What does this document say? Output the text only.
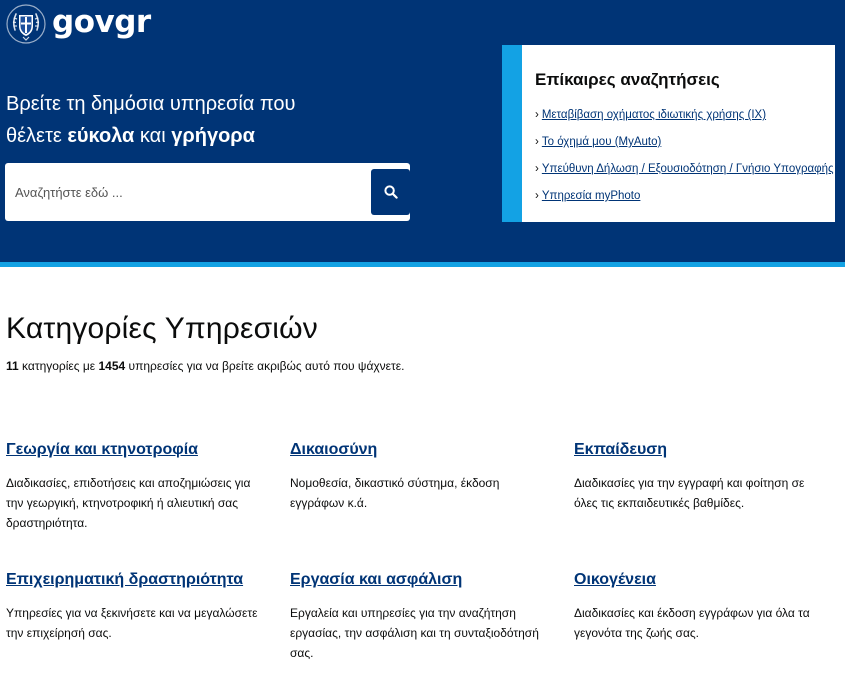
govgr
Βρείτε τη δημόσια υπηρεσία που
θέλετε εύκολα και γρήγορα
Αναζητήστε εδώ ...
Επίκαιρες αναζητήσεις
› Μεταβίβαση οχήματος ιδιωτικής χρήσης (ΙΧ)
› Το όχημά μου (MyAuto)
› Υπεύθυνη Δήλωση / Εξουσιοδότηση / Γνήσιο Υπογραφής
› Υπηρεσία myPhoto
Κατηγορίες Υπηρεσιών

11 κατηγορίες με 1454 υπηρεσίες για να βρείτε ακριβώς αυτό που ψάχνετε.

Γεωργία και κτηνοτροφία

Διαδικασίες, επιδοτήσεις και αποζημιώσεις για την γεωργική, κτηνοτροφική ή αλιευτική σας δραστηριότητα.

Δικαιοσύνη

Νομοθεσία, δικαστικό σύστημα, έκδοση εγγράφων κ.ά.

Εκπαίδευση

Διαδικασίες για την εγγραφή και φοίτηση σε όλες τις εκπαιδευτικές βαθμίδες.

Επιχειρηματική δραστηριότητα

Υπηρεσίες για να ξεκινήσετε και να μεγαλώσετε την επιχείρησή σας.

Εργασία και ασφάλιση

Εργαλεία και υπηρεσίες για την αναζήτηση εργασίας, την ασφάλιση και τη συνταξιοδότησή σας.

Οικογένεια

Διαδικασίες και έκδοση εγγράφων για όλα τα γεγονότα της ζωής σας.
